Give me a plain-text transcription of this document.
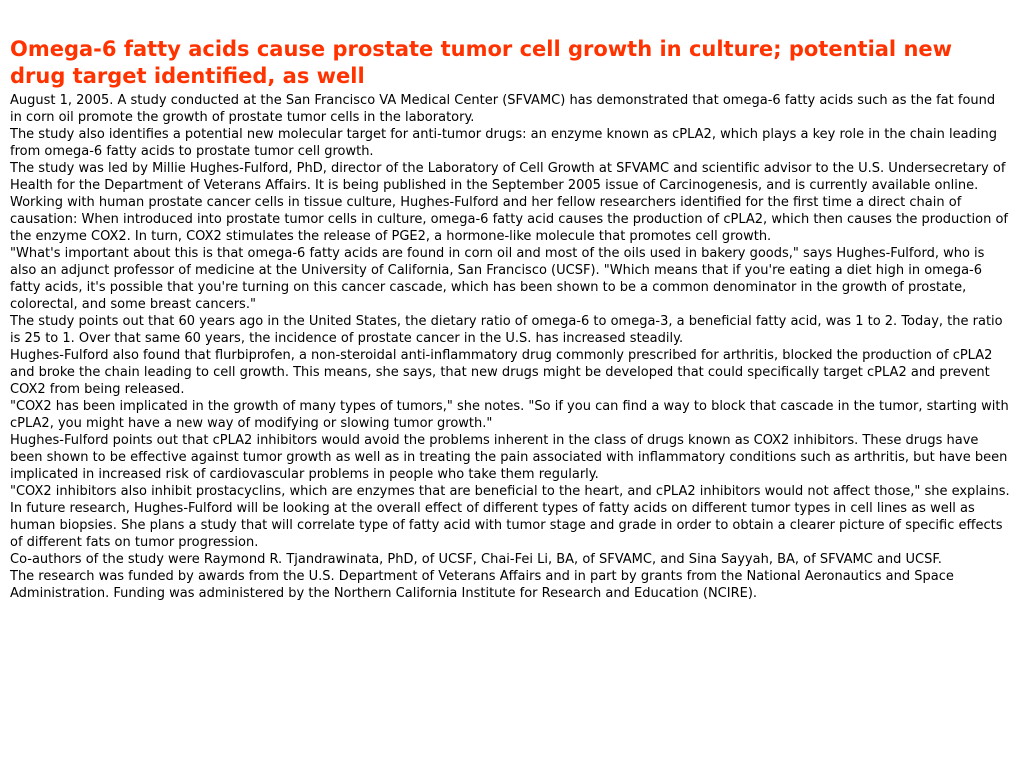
Omega-6 fatty acids cause prostate tumor cell growth in culture; potential new drug target identified, as well

August 1, 2005. A study conducted at the San Francisco VA Medical Center (SFVAMC) has demonstrated that omega-6 fatty acids such as the fat found in corn oil promote the growth of prostate tumor cells in the laboratory.

The study also identifies a potential new molecular target for anti-tumor drugs: an enzyme known as cPLA2, which plays a key role in the chain leading from omega-6 fatty acids to prostate tumor cell growth.

The study was led by Millie Hughes-Fulford, PhD, director of the Laboratory of Cell Growth at SFVAMC and scientific advisor to the U.S. Undersecretary of Health for the Department of Veterans Affairs. It is being published in the September 2005 issue of Carcinogenesis, and is currently available online.

Working with human prostate cancer cells in tissue culture, Hughes-Fulford and her fellow researchers identified for the first time a direct chain of causation: When introduced into prostate tumor cells in culture, omega-6 fatty acid causes the production of cPLA2, which then causes the production of the enzyme COX2. In turn, COX2 stimulates the release of PGE2, a hormone-like molecule that promotes cell growth.

"What's important about this is that omega-6 fatty acids are found in corn oil and most of the oils used in bakery goods," says Hughes-Fulford, who is also an adjunct professor of medicine at the University of California, San Francisco (UCSF). "Which means that if you're eating a diet high in omega-6 fatty acids, it's possible that you're turning on this cancer cascade, which has been shown to be a common denominator in the growth of prostate, colorectal, and some breast cancers."

The study points out that 60 years ago in the United States, the dietary ratio of omega-6 to omega-3, a beneficial fatty acid, was 1 to 2. Today, the ratio is 25 to 1. Over that same 60 years, the incidence of prostate cancer in the U.S. has increased steadily.

Hughes-Fulford also found that flurbiprofen, a non-steroidal anti-inflammatory drug commonly prescribed for arthritis, blocked the production of cPLA2 and broke the chain leading to cell growth. This means, she says, that new drugs might be developed that could specifically target cPLA2 and prevent COX2 from being released.

"COX2 has been implicated in the growth of many types of tumors," she notes. "So if you can find a way to block that cascade in the tumor, starting with cPLA2, you might have a new way of modifying or slowing tumor growth."

Hughes-Fulford points out that cPLA2 inhibitors would avoid the problems inherent in the class of drugs known as COX2 inhibitors. These drugs have been shown to be effective against tumor growth as well as in treating the pain associated with inflammatory conditions such as arthritis, but have been implicated in increased risk of cardiovascular problems in people who take them regularly.

"COX2 inhibitors also inhibit prostacyclins, which are enzymes that are beneficial to the heart, and cPLA2 inhibitors would not affect those," she explains.

In future research, Hughes-Fulford will be looking at the overall effect of different types of fatty acids on different tumor types in cell lines as well as human biopsies. She plans a study that will correlate type of fatty acid with tumor stage and grade in order to obtain a clearer picture of specific effects of different fats on tumor progression.

Co-authors of the study were Raymond R. Tjandrawinata, PhD, of UCSF, Chai-Fei Li, BA, of SFVAMC, and Sina Sayyah, BA, of SFVAMC and UCSF.

The research was funded by awards from the U.S. Department of Veterans Affairs and in part by grants from the National Aeronautics and Space Administration. Funding was administered by the Northern California Institute for Research and Education (NCIRE).
